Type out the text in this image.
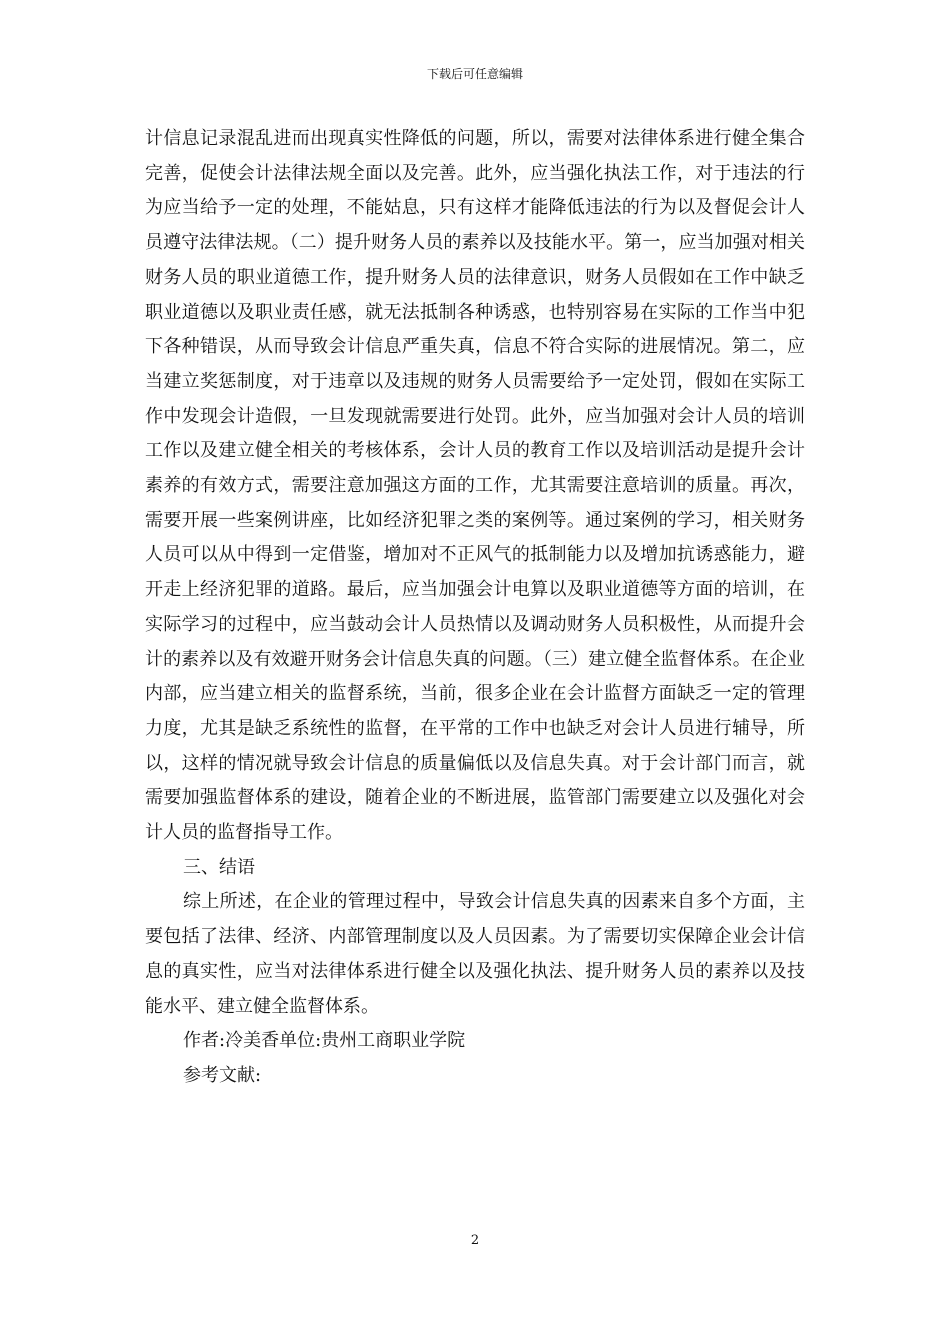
下载后可任意编辑

计信息记录混乱进而出现真实性降低的问题，所以，需要对法律体系进行健全集合完善，促使会计法律法规全面以及完善。此外，应当强化执法工作，对于违法的行为应当给予一定的处理，不能姑息，只有这样才能降低违法的行为以及督促会计人员遵守法律法规。（二）提升财务人员的素养以及技能水平。第一，应当加强对相关财务人员的职业道德工作，提升财务人员的法律意识，财务人员假如在工作中缺乏职业道德以及职业责任感，就无法抵制各种诱惑，也特别容易在实际的工作当中犯下各种错误，从而导致会计信息严重失真，信息不符合实际的进展情况。第二，应当建立奖惩制度，对于违章以及违规的财务人员需要给予一定处罚，假如在实际工作中发现会计造假，一旦发现就需要进行处罚。此外，应当加强对会计人员的培训工作以及建立健全相关的考核体系，会计人员的教育工作以及培训活动是提升会计素养的有效方式，需要注意加强这方面的工作，尤其需要注意培训的质量。再次，需要开展一些案例讲座，比如经济犯罪之类的案例等。通过案例的学习，相关财务人员可以从中得到一定借鉴，增加对不正风气的抵制能力以及增加抗诱惑能力，避开走上经济犯罪的道路。最后，应当加强会计电算以及职业道德等方面的培训，在实际学习的过程中，应当鼓动会计人员热情以及调动财务人员积极性，从而提升会计的素养以及有效避开财务会计信息失真的问题。（三）建立健全监督体系。在企业内部，应当建立相关的监督系统，当前，很多企业在会计监督方面缺乏一定的管理力度，尤其是缺乏系统性的监督，在平常的工作中也缺乏对会计人员进行辅导，所以，这样的情况就导致会计信息的质量偏低以及信息失真。对于会计部门而言，就需要加强监督体系的建设，随着企业的不断进展，监管部门需要建立以及强化对会计人员的监督指导工作。

三、结语

综上所述，在企业的管理过程中，导致会计信息失真的因素来自多个方面，主要包括了法律、经济、内部管理制度以及人员因素。为了需要切实保障企业会计信息的真实性，应当对法律体系进行健全以及强化执法、提升财务人员的素养以及技能水平、建立健全监督体系。

作者:冷美香单位:贵州工商职业学院

参考文献:

2
